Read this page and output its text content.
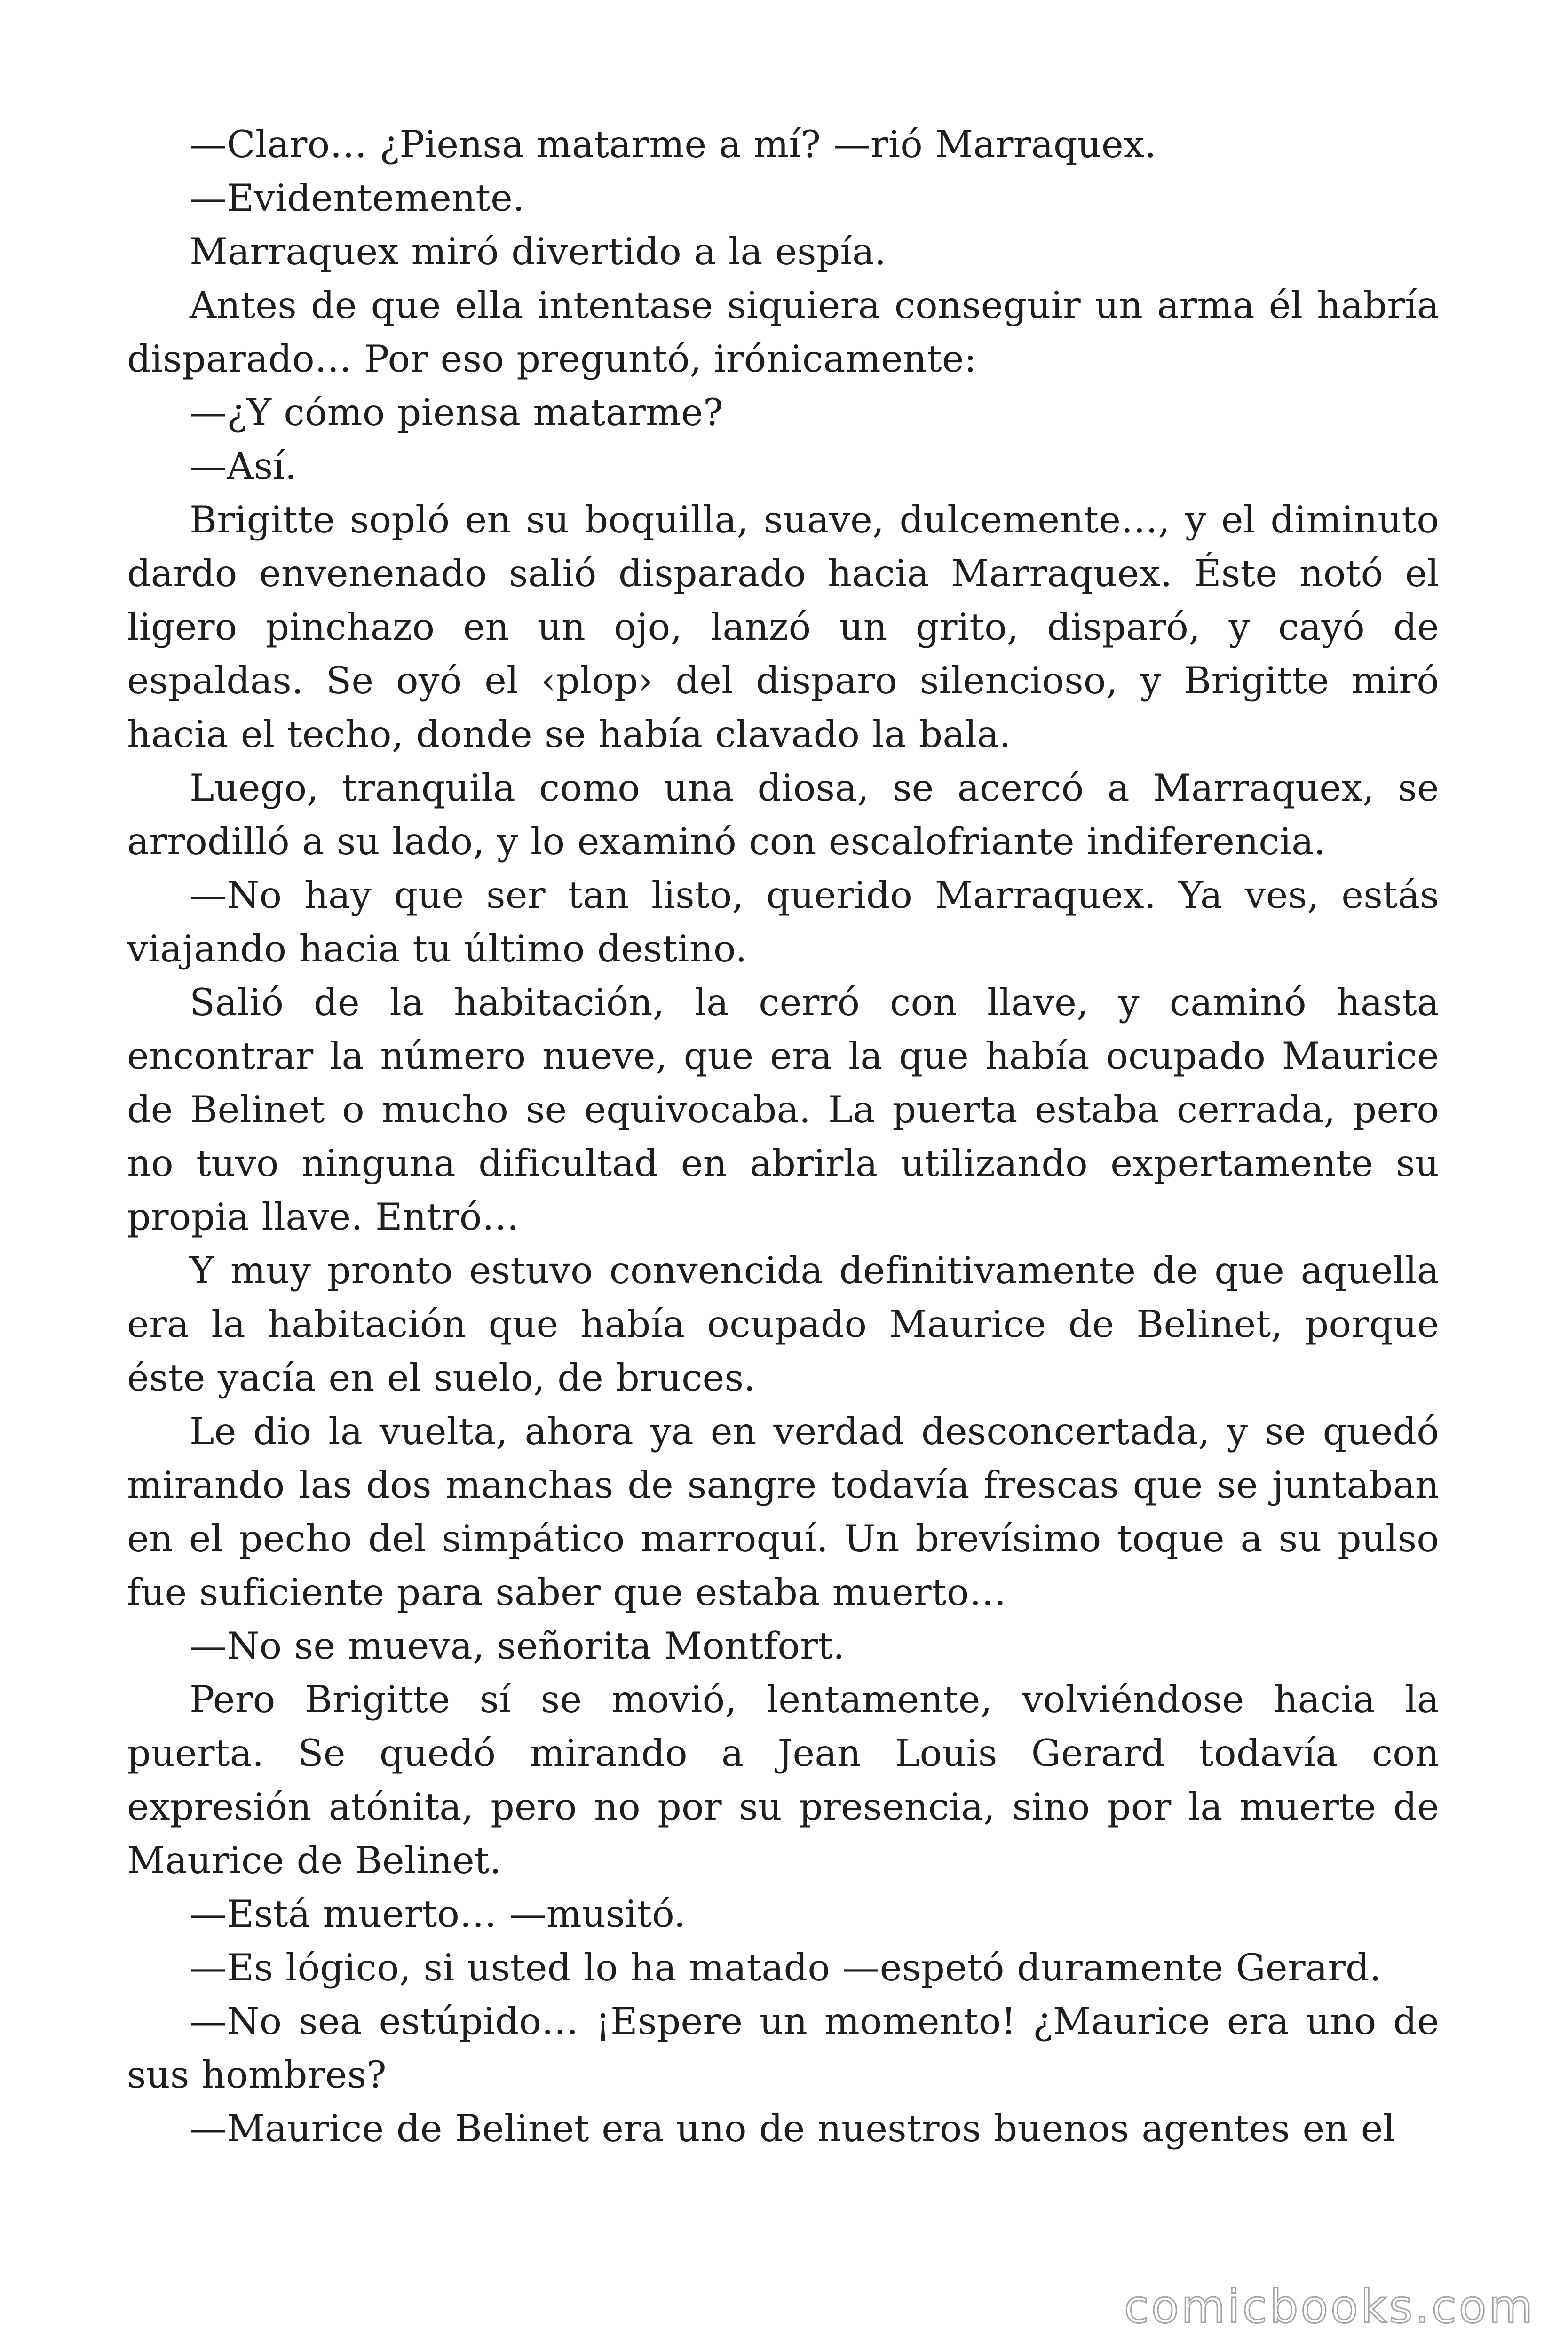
—Claro… ¿Piensa matarme a mí? —rió Marraquex.

—Evidentemente.

Marraquex miró divertido a la espía.

Antes de que ella intentase siquiera conseguir un arma él habría disparado… Por eso preguntó, irónicamente:

—¿Y cómo piensa matarme?

—Así.

Brigitte sopló en su boquilla, suave, dulcemente…, y el diminuto dardo envenenado salió disparado hacia Marraquex. Éste notó el ligero pinchazo en un ojo, lanzó un grito, disparó, y cayó de espaldas. Se oyó el ‹plop› del disparo silencioso, y Brigitte miró hacia el techo, donde se había clavado la bala.

Luego, tranquila como una diosa, se acercó a Marraquex, se arrodilló a su lado, y lo examinó con escalofriante indiferencia.

—No hay que ser tan listo, querido Marraquex. Ya ves, estás viajando hacia tu último destino.

Salió de la habitación, la cerró con llave, y caminó hasta encontrar la número nueve, que era la que había ocupado Maurice de Belinet o mucho se equivocaba. La puerta estaba cerrada, pero no tuvo ninguna dificultad en abrirla utilizando expertamente su propia llave. Entró…

Y muy pronto estuvo convencida definitivamente de que aquella era la habitación que había ocupado Maurice de Belinet, porque éste yacía en el suelo, de bruces.

Le dio la vuelta, ahora ya en verdad desconcertada, y se quedó mirando las dos manchas de sangre todavía frescas que se juntaban en el pecho del simpático marroquí. Un brevísimo toque a su pulso fue suficiente para saber que estaba muerto…

—No se mueva, señorita Montfort.

Pero Brigitte sí se movió, lentamente, volviéndose hacia la puerta. Se quedó mirando a Jean Louis Gerard todavía con expresión atónita, pero no por su presencia, sino por la muerte de Maurice de Belinet.

—Está muerto… —musitó.

—Es lógico, si usted lo ha matado —espetó duramente Gerard.

—No sea estúpido… ¡Espere un momento! ¿Maurice era uno de sus hombres?

—Maurice de Belinet era uno de nuestros buenos agentes en el

comicbooks.com
